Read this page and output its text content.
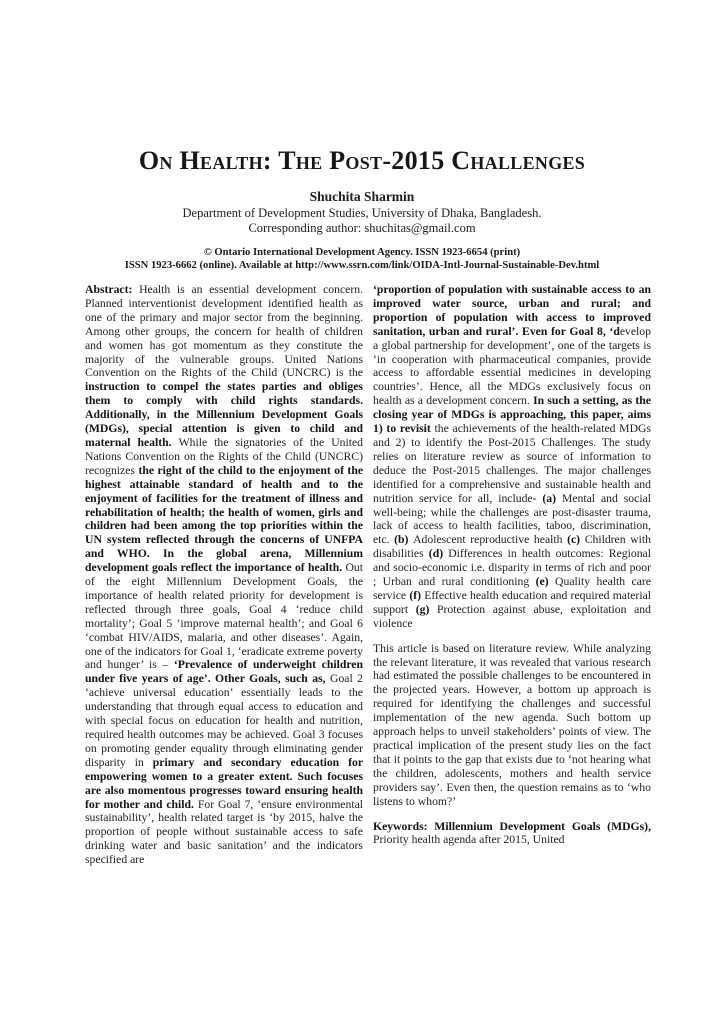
On Health: The Post-2015 Challenges
Shuchita Sharmin
Department of Development Studies, University of Dhaka, Bangladesh.
Corresponding author: shuchitas@gmail.com
© Ontario International Development Agency. ISSN 1923-6654 (print)
ISSN 1923-6662 (online). Available at http://www.ssrn.com/link/OIDA-Intl-Journal-Sustainable-Dev.html

Abstract: Health is an essential development concern. Planned interventionist development identified health as one of the primary and major sector from the beginning. Among other groups, the concern for health of children and women has got momentum as they constitute the majority of the vulnerable groups. United Nations Convention on the Rights of the Child (UNCRC) is the instruction to compel the states parties and obliges them to comply with child rights standards. Additionally, in the Millennium Development Goals (MDGs), special attention is given to child and maternal health. While the signatories of the United Nations Convention on the Rights of the Child (UNCRC) recognizes the right of the child to the enjoyment of the highest attainable standard of health and to the enjoyment of facilities for the treatment of illness and rehabilitation of health; the health of women, girls and children had been among the top priorities within the UN system reflected through the concerns of UNFPA and WHO. In the global arena, Millennium development goals reflect the importance of health. Out of the eight Millennium Development Goals, the importance of health related priority for development is reflected through three goals, Goal 4 ‘reduce child mortality’; Goal 5 ‘improve maternal health’; and Goal 6 ‘combat HIV/AIDS, malaria, and other diseases’. Again, one of the indicators for Goal 1, ‘eradicate extreme poverty and hunger’ is – ‘Prevalence of underweight children under five years of age’. Other Goals, such as, Goal 2 ‘achieve universal education’ essentially leads to the understanding that through equal access to education and with special focus on education for health and nutrition, required health outcomes may be achieved. Goal 3 focuses on promoting gender equality through eliminating gender disparity in primary and secondary education for empowering women to a greater extent. Such focuses are also momentous progresses toward ensuring health for mother and child. For Goal 7, ‘ensure environmental sustainability’, health related target is ‘by 2015, halve the proportion of people without sustainable access to safe drinking water and basic sanitation’ and the indicators specified are

‘proportion of population with sustainable access to an improved water source, urban and rural; and proportion of population with access to improved sanitation, urban and rural’. Even for Goal 8, ‘develop a global partnership for development’, one of the targets is ‘in cooperation with pharmaceutical companies, provide access to affordable essential medicines in developing countries’. Hence, all the MDGs exclusively focus on health as a development concern. In such a setting, as the closing year of MDGs is approaching, this paper, aims 1) to revisit the achievements of the health-related MDGs and 2) to identify the Post-2015 Challenges. The study relies on literature review as source of information to deduce the Post-2015 challenges. The major challenges identified for a comprehensive and sustainable health and nutrition service for all, include- (a) Mental and social well-being; while the challenges are post-disaster trauma, lack of access to health facilities, taboo, discrimination, etc. (b) Adolescent reproductive health (c) Children with disabilities (d) Differences in health outcomes: Regional and socio-economic i.e. disparity in terms of rich and poor ; Urban and rural conditioning (e) Quality health care service (f) Effective health education and required material support (g) Protection against abuse, exploitation and violence

This article is based on literature review. While analyzing the relevant literature, it was revealed that various research had estimated the possible challenges to be encountered in the projected years. However, a bottom up approach is required for identifying the challenges and successful implementation of the new agenda. Such bottom up approach helps to unveil stakeholders’ points of view. The practical implication of the present study lies on the fact that it points to the gap that exists due to ‘not hearing what the children, adolescents, mothers and health service providers say’. Even then, the question remains as to ‘who listens to whom?’

Keywords: Millennium Development Goals (MDGs), Priority health agenda after 2015, United
